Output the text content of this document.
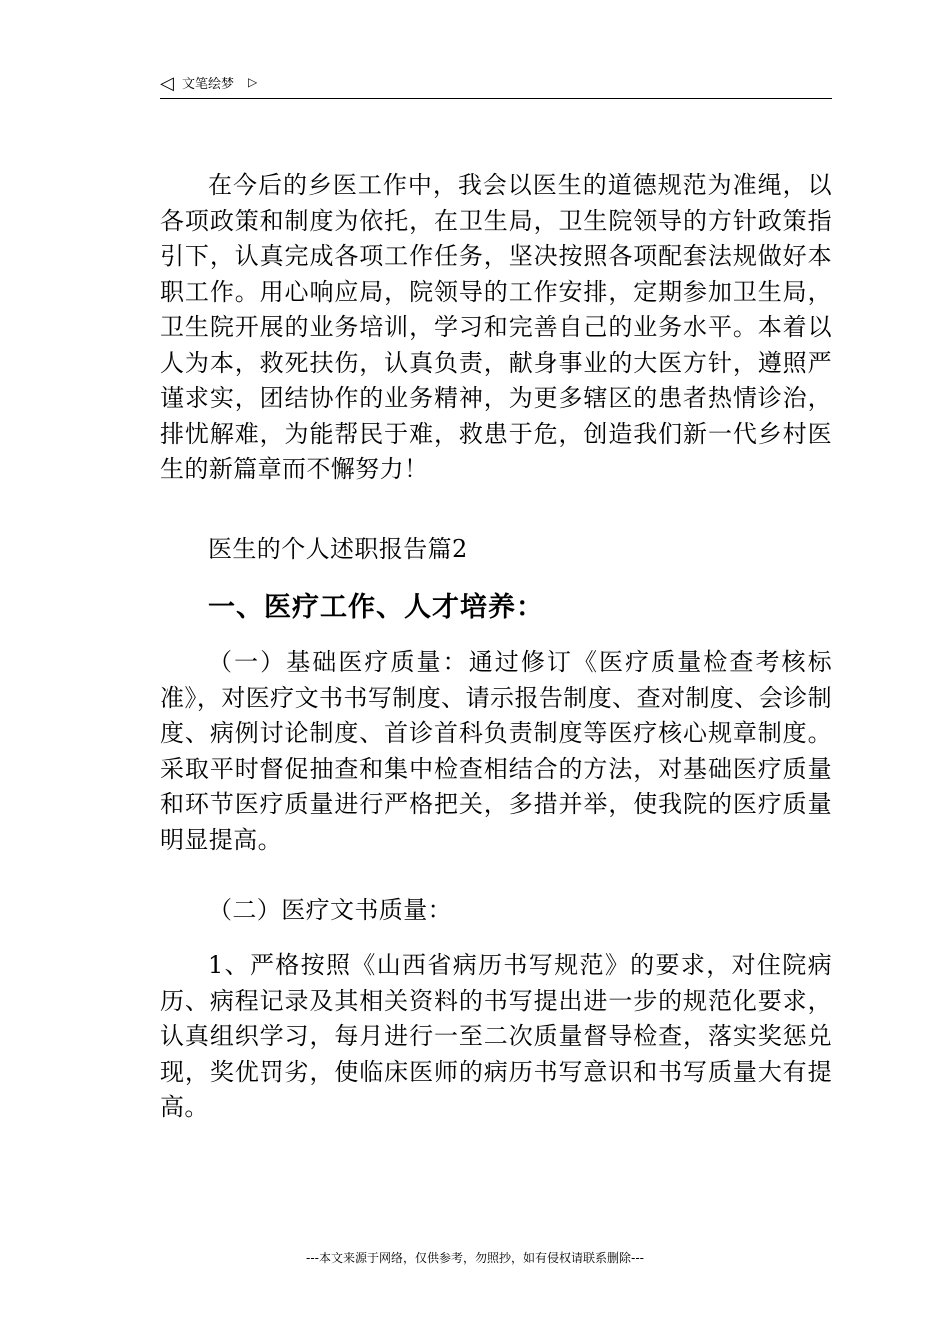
◁ 文笔绘梦 ▷

在今后的乡医工作中，我会以医生的道德规范为准绳，以各项政策和制度为依托，在卫生局，卫生院领导的方针政策指引下，认真完成各项工作任务，坚决按照各项配套法规做好本职工作。用心响应局，院领导的工作安排，定期参加卫生局，卫生院开展的业务培训，学习和完善自己的业务水平。本着以人为本，救死扶伤，认真负责，献身事业的大医方针，遵照严谨求实，团结协作的业务精神，为更多辖区的患者热情诊治，排忧解难，为能帮民于难，救患于危，创造我们新一代乡村医生的新篇章而不懈努力！

医生的个人述职报告篇2

一、医疗工作、人才培养：

（一）基础医疗质量：通过修订《医疗质量检查考核标准》，对医疗文书书写制度、请示报告制度、查对制度、会诊制度、病例讨论制度、首诊首科负责制度等医疗核心规章制度。采取平时督促抽查和集中检查相结合的方法，对基础医疗质量和环节医疗质量进行严格把关，多措并举，使我院的医疗质量明显提高。

（二）医疗文书质量：

1、严格按照《山西省病历书写规范》的要求，对住院病历、病程记录及其相关资料的书写提出进一步的规范化要求，认真组织学习，每月进行一至二次质量督导检查，落实奖惩兑现，奖优罚劣，使临床医师的病历书写意识和书写质量大有提高。

---本文来源于网络，仅供参考，勿照抄，如有侵权请联系删除---
